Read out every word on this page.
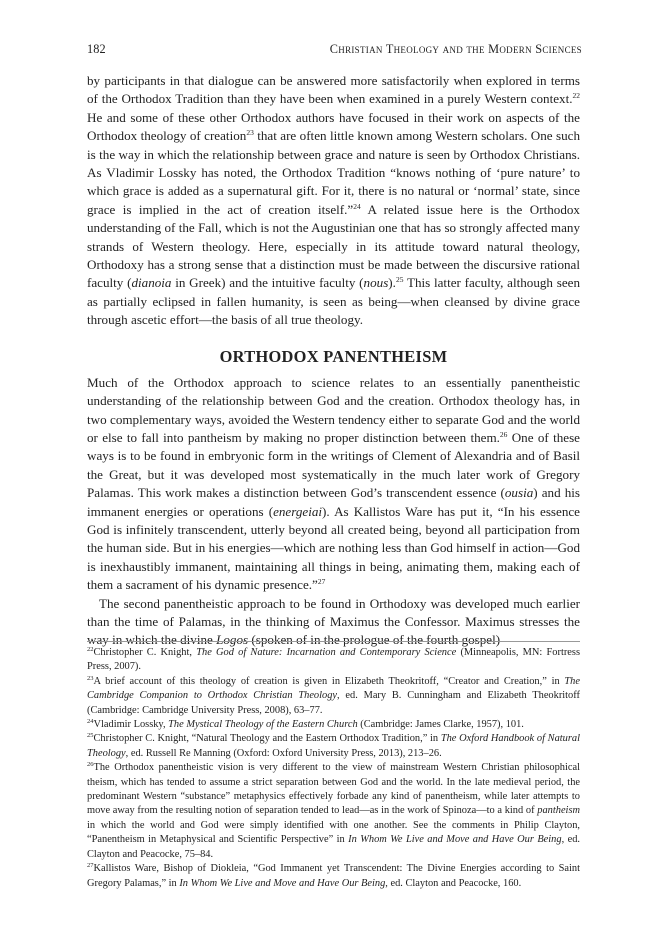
182	Christian Theology and the Modern Sciences

by participants in that dialogue can be answered more satisfactorily when explored in terms of the Orthodox Tradition than they have been when examined in a purely Western context.$^{22}$ He and some of these other Orthodox authors have focused in their work on aspects of the Orthodox theology of creation$^{23}$ that are often little known among Western scholars. One such is the way in which the relationship between grace and nature is seen by Orthodox Christians. As Vladimir Lossky has noted, the Orthodox Tradition “knows nothing of ‘pure nature’ to which grace is added as a supernatural gift. For it, there is no natural or ‘normal’ state, since grace is implied in the act of creation itself.”$^{24}$ A related issue here is the Orthodox understanding of the Fall, which is not the Augustinian one that has so strongly affected many strands of Western theology. Here, especially in its attitude toward natural theology, Orthodoxy has a strong sense that a distinction must be made between the discursive rational faculty (dianoia in Greek) and the intuitive faculty (nous).$^{25}$ This latter faculty, although seen as partially eclipsed in fallen humanity, is seen as being—when cleansed by divine grace through ascetic effort—the basis of all true theology.

ORTHODOX PANENTHEISM

Much of the Orthodox approach to science relates to an essentially panentheistic understanding of the relationship between God and the creation. Orthodox theology has, in two complementary ways, avoided the Western tendency either to separate God and the world or else to fall into pantheism by making no proper distinction between them.$^{26}$ One of these ways is to be found in embryonic form in the writings of Clement of Alexandria and of Basil the Great, but it was developed most systematically in the much later work of Gregory Palamas. This work makes a distinction between God’s transcendent essence (ousia) and his immanent energies or operations (energeiai). As Kallistos Ware has put it, “In his essence God is infinitely transcendent, utterly beyond all created being, beyond all participation from the human side. But in his energies—which are nothing less than God himself in action—God is inexhaustibly immanent, maintaining all things in being, animating them, making each of them a sacrament of his dynamic presence.”$^{27}$

The second panentheistic approach to be found in Orthodoxy was developed much earlier than the time of Palamas, in the thinking of Maximus the Confessor. Maximus stresses the way in which the divine Logos (spoken of in the prologue of the fourth gospel)

$^{22}$Christopher C. Knight, The God of Nature: Incarnation and Contemporary Science (Minneapolis, MN: Fortress Press, 2007).

$^{23}$A brief account of this theology of creation is given in Elizabeth Theokritoff, “Creator and Creation,” in The Cambridge Companion to Orthodox Christian Theology, ed. Mary B. Cunningham and Elizabeth Theokritoff (Cambridge: Cambridge University Press, 2008), 63–77.

$^{24}$Vladimir Lossky, The Mystical Theology of the Eastern Church (Cambridge: James Clarke, 1957), 101.

$^{25}$Christopher C. Knight, “Natural Theology and the Eastern Orthodox Tradition,” in The Oxford Handbook of Natural Theology, ed. Russell Re Manning (Oxford: Oxford University Press, 2013), 213–26.

$^{26}$The Orthodox panentheistic vision is very different to the view of mainstream Western Christian philosophical theism, which has tended to assume a strict separation between God and the world. In the late medieval period, the predominant Western “substance” metaphysics effectively forbade any kind of panentheism, while later attempts to move away from the resulting notion of separation tended to lead—as in the work of Spinoza—to a kind of pantheism in which the world and God were simply identified with one another. See the comments in Philip Clayton, “Panentheism in Metaphysical and Scientific Perspective” in In Whom We Live and Move and Have Our Being, ed. Clayton and Peacocke, 75–84.

$^{27}$Kallistos Ware, Bishop of Diokleia, “God Immanent yet Transcendent: The Divine Energies according to Saint Gregory Palamas,” in In Whom We Live and Move and Have Our Being, ed. Clayton and Peacocke, 160.
